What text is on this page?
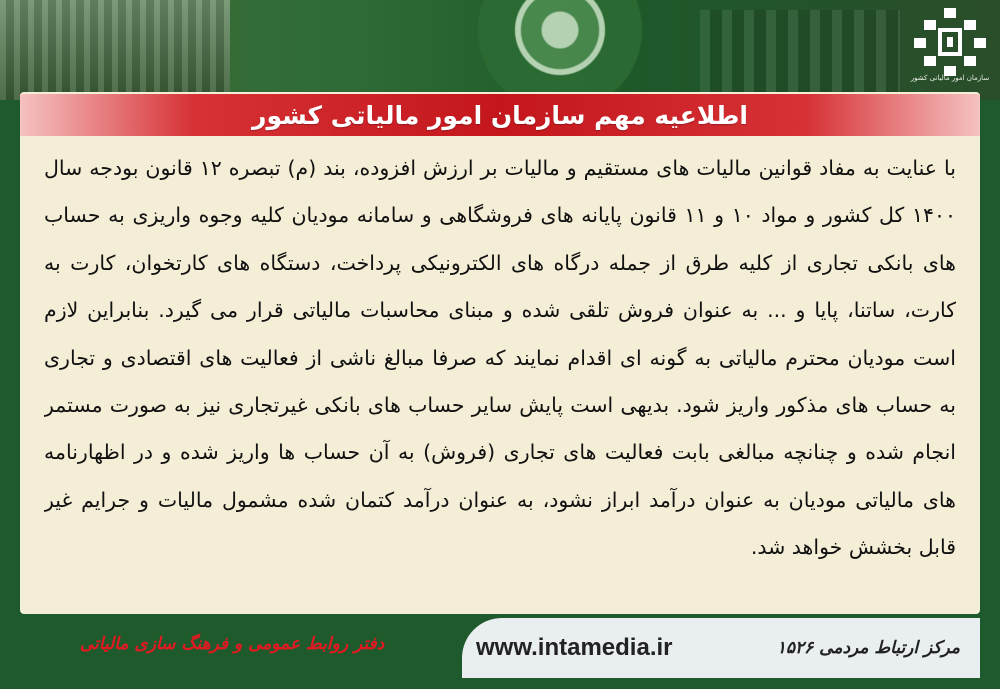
سازمان امور مالیاتی کشور
اطلاعیه مهم سازمان امور مالیاتی کشور

با عنایت به مفاد قوانین مالیات های مستقیم و مالیات بر ارزش افزوده، بند (م) تبصره ۱۲ قانون بودجه سال ۱۴۰۰ کل کشور و مواد ۱۰ و ۱۱ قانون پایانه های فروشگاهی و سامانه مودیان کلیه وجوه واریزی به حساب های بانکی تجاری از کلیه طرق از جمله درگاه های الکترونیکی پرداخت، دستگاه های کارتخوان، کارت به کارت، ساتنا، پایا و ... به عنوان فروش تلقی شده و مبنای محاسبات مالیاتی قرار می گیرد. بنابراین لازم است مودیان محترم مالیاتی به گونه ای اقدام نمایند که صرفا مبالغ ناشی از فعالیت های اقتصادی و تجاری به حساب های مذکور واریز شود. بدیهی است پایش سایر حساب های بانکی غیرتجاری نیز به صورت مستمر انجام شده و چنانچه مبالغی بابت فعالیت های تجاری (فروش) به آن حساب ها واریز شده و در اظهارنامه های مالیاتی مودیان به عنوان درآمد ابراز نشود، به عنوان درآمد کتمان شده مشمول مالیات و جرایم غیر قابل بخشش خواهد شد.

دفتر روابط عمومی و فرهنگ سازی مالیاتی	www.intamedia.ir	مرکز ارتباط مردمی ۱۵۲۶
